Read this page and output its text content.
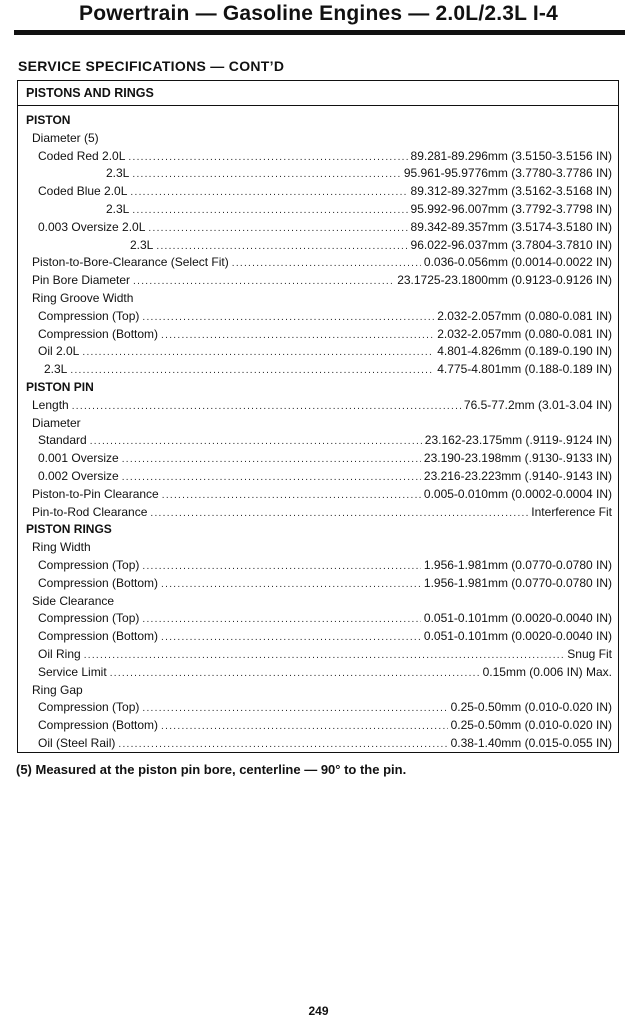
Powertrain — Gasoline Engines — 2.0L/2.3L I-4
SERVICE SPECIFICATIONS — CONT’D
PISTONS AND RINGS
PISTON
Diameter (5)
Coded Red 2.0L .....	89.281-89.296mm (3.5150-3.5156 IN)
2.3L .....	95.961-95.9776mm (3.7780-3.7786 IN)
Coded Blue 2.0L .....	89.312-89.327mm (3.5162-3.5168 IN)
2.3L .....	95.992-96.007mm (3.7792-3.7798 IN)
0.003 Oversize 2.0L .....	89.342-89.357mm (3.5174-3.5180 IN)
2.3L .....	96.022-96.037mm (3.7804-3.7810 IN)
Piston-to-Bore-Clearance (Select Fit) .....	0.036-0.056mm (0.0014-0.0022 IN)
Pin Bore Diameter .....	23.1725-23.1800mm (0.9123-0.9126 IN)
Ring Groove Width
Compression (Top) .....	2.032-2.057mm (0.080-0.081 IN)
Compression (Bottom) .....	2.032-2.057mm (0.080-0.081 IN)
Oil 2.0L .....	4.801-4.826mm (0.189-0.190 IN)
2.3L .....	4.775-4.801mm (0.188-0.189 IN)
PISTON PIN
Length .....	76.5-77.2mm (3.01-3.04 IN)
Diameter
Standard .....	23.162-23.175mm (.9119-.9124 IN)
0.001 Oversize .....	23.190-23.198mm (.9130-.9133 IN)
0.002 Oversize .....	23.216-23.223mm (.9140-.9143 IN)
Piston-to-Pin Clearance .....	0.005-0.010mm (0.0002-0.0004 IN)
Pin-to-Rod Clearance .....	Interference Fit
PISTON RINGS
Ring Width
Compression (Top) .....	1.956-1.981mm (0.0770-0.0780 IN)
Compression (Bottom) .....	1.956-1.981mm (0.0770-0.0780 IN)
Side Clearance
Compression (Top) .....	0.051-0.101mm (0.0020-0.0040 IN)
Compression (Bottom) .....	0.051-0.101mm (0.0020-0.0040 IN)
Oil Ring .....	Snug Fit
Service Limit .....	0.15mm (0.006 IN) Max.
Ring Gap
Compression (Top) .....	0.25-0.50mm (0.010-0.020 IN)
Compression (Bottom) .....	0.25-0.50mm (0.010-0.020 IN)
Oil (Steel Rail) .....	0.38-1.40mm (0.015-0.055 IN)
(5) Measured at the piston pin bore, centerline — 90° to the pin.
249
